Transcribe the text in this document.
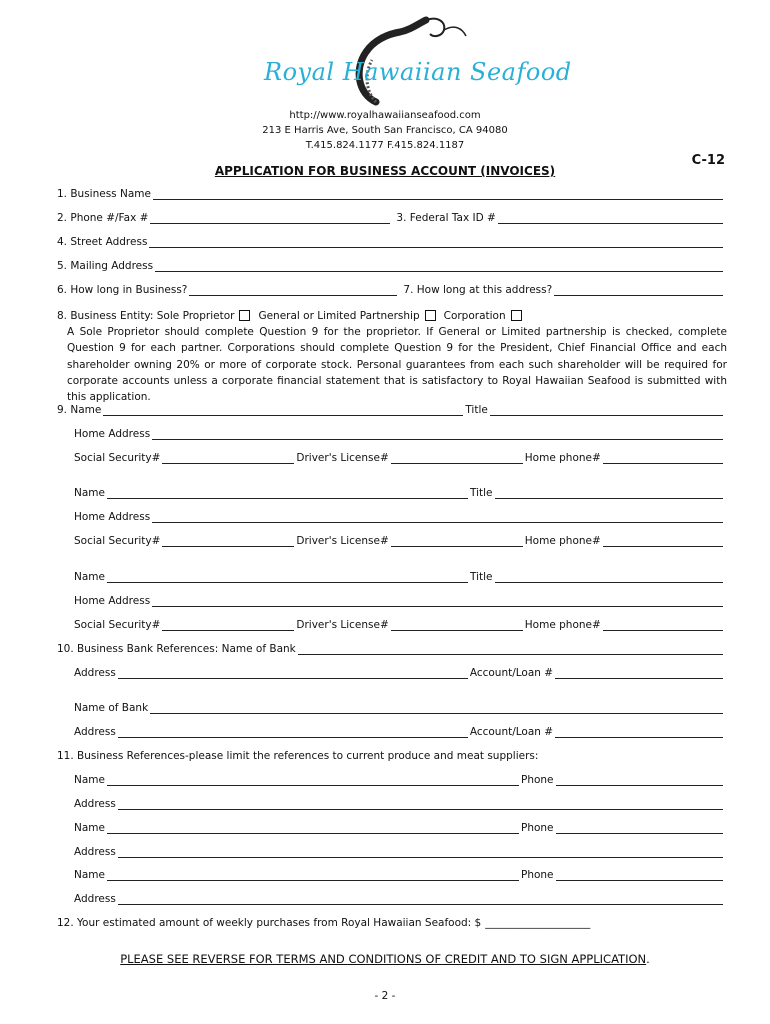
Royal Hawaiian Seafood
http://www.royalhawaiianseafood.com
213 E Harris Ave, South San Francisco, CA 94080
T.415.824.1177 F.415.824.1187
C-12
APPLICATION FOR BUSINESS ACCOUNT (INVOICES)
1. Business Name
2. Phone #/Fax #	3. Federal Tax ID #
4. Street Address
5. Mailing Address
6. How long in Business?	7. How long at this address?
8. Business Entity: Sole Proprietor General or Limited Partnership Corporation
A Sole Proprietor should complete Question 9 for the proprietor. If General or Limited partnership is checked, complete Question 9 for each partner. Corporations should complete Question 9 for the President, Chief Financial Office and each shareholder owning 20% or more of corporate stock. Personal guarantees from each such shareholder will be required for corporate accounts unless a corporate financial statement that is satisfactory to Royal Hawaiian Seafood is submitted with this application.
9. Name	Title
Home Address
Social Security#	Driver's License#	Home phone#
Name	Title
Home Address
Social Security#	Driver's License#	Home phone#
Name	Title
Home Address
Social Security#	Driver's License#	Home phone#
10. Business Bank References: Name of Bank
Address	Account/Loan #
Name of Bank
Address	Account/Loan #
11. Business References-please limit the references to current produce and meat suppliers:
Name	Phone
Address
Name	Phone
Address
Name	Phone
Address
12. Your estimated amount of weekly purchases from Royal Hawaiian Seafood: $ ____________________
PLEASE SEE REVERSE FOR TERMS AND CONDITIONS OF CREDIT AND TO SIGN APPLICATION.
- 2 -
